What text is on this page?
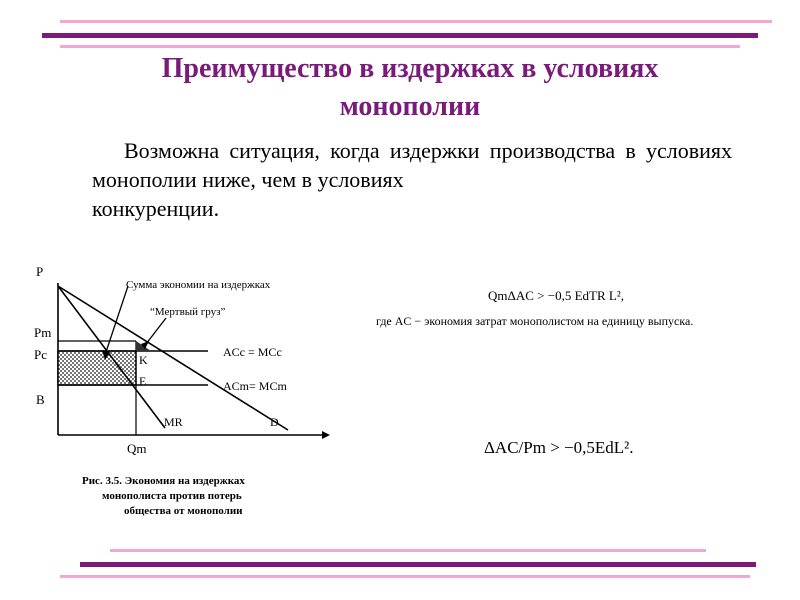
Преимущество в издержках в условиях
монополии
Возможна ситуация, когда издержки производства в условиях монополии ниже, чем в условиях
конкуренции.
P
Pm
Pc
B
K
E
ACc = MCc
ACm= MCm
MR	D
Qm
Сумма экономии на издержках
“Мертвый груз”
Рис. 3.5. Экономия на издержках
монополиста против потерь
общества от монополии
QmΔAC > −0,5 EdTR L²,
где AC − экономия затрат монополистом на единицу выпуска.
ΔAC/Pm > −0,5EdL².
